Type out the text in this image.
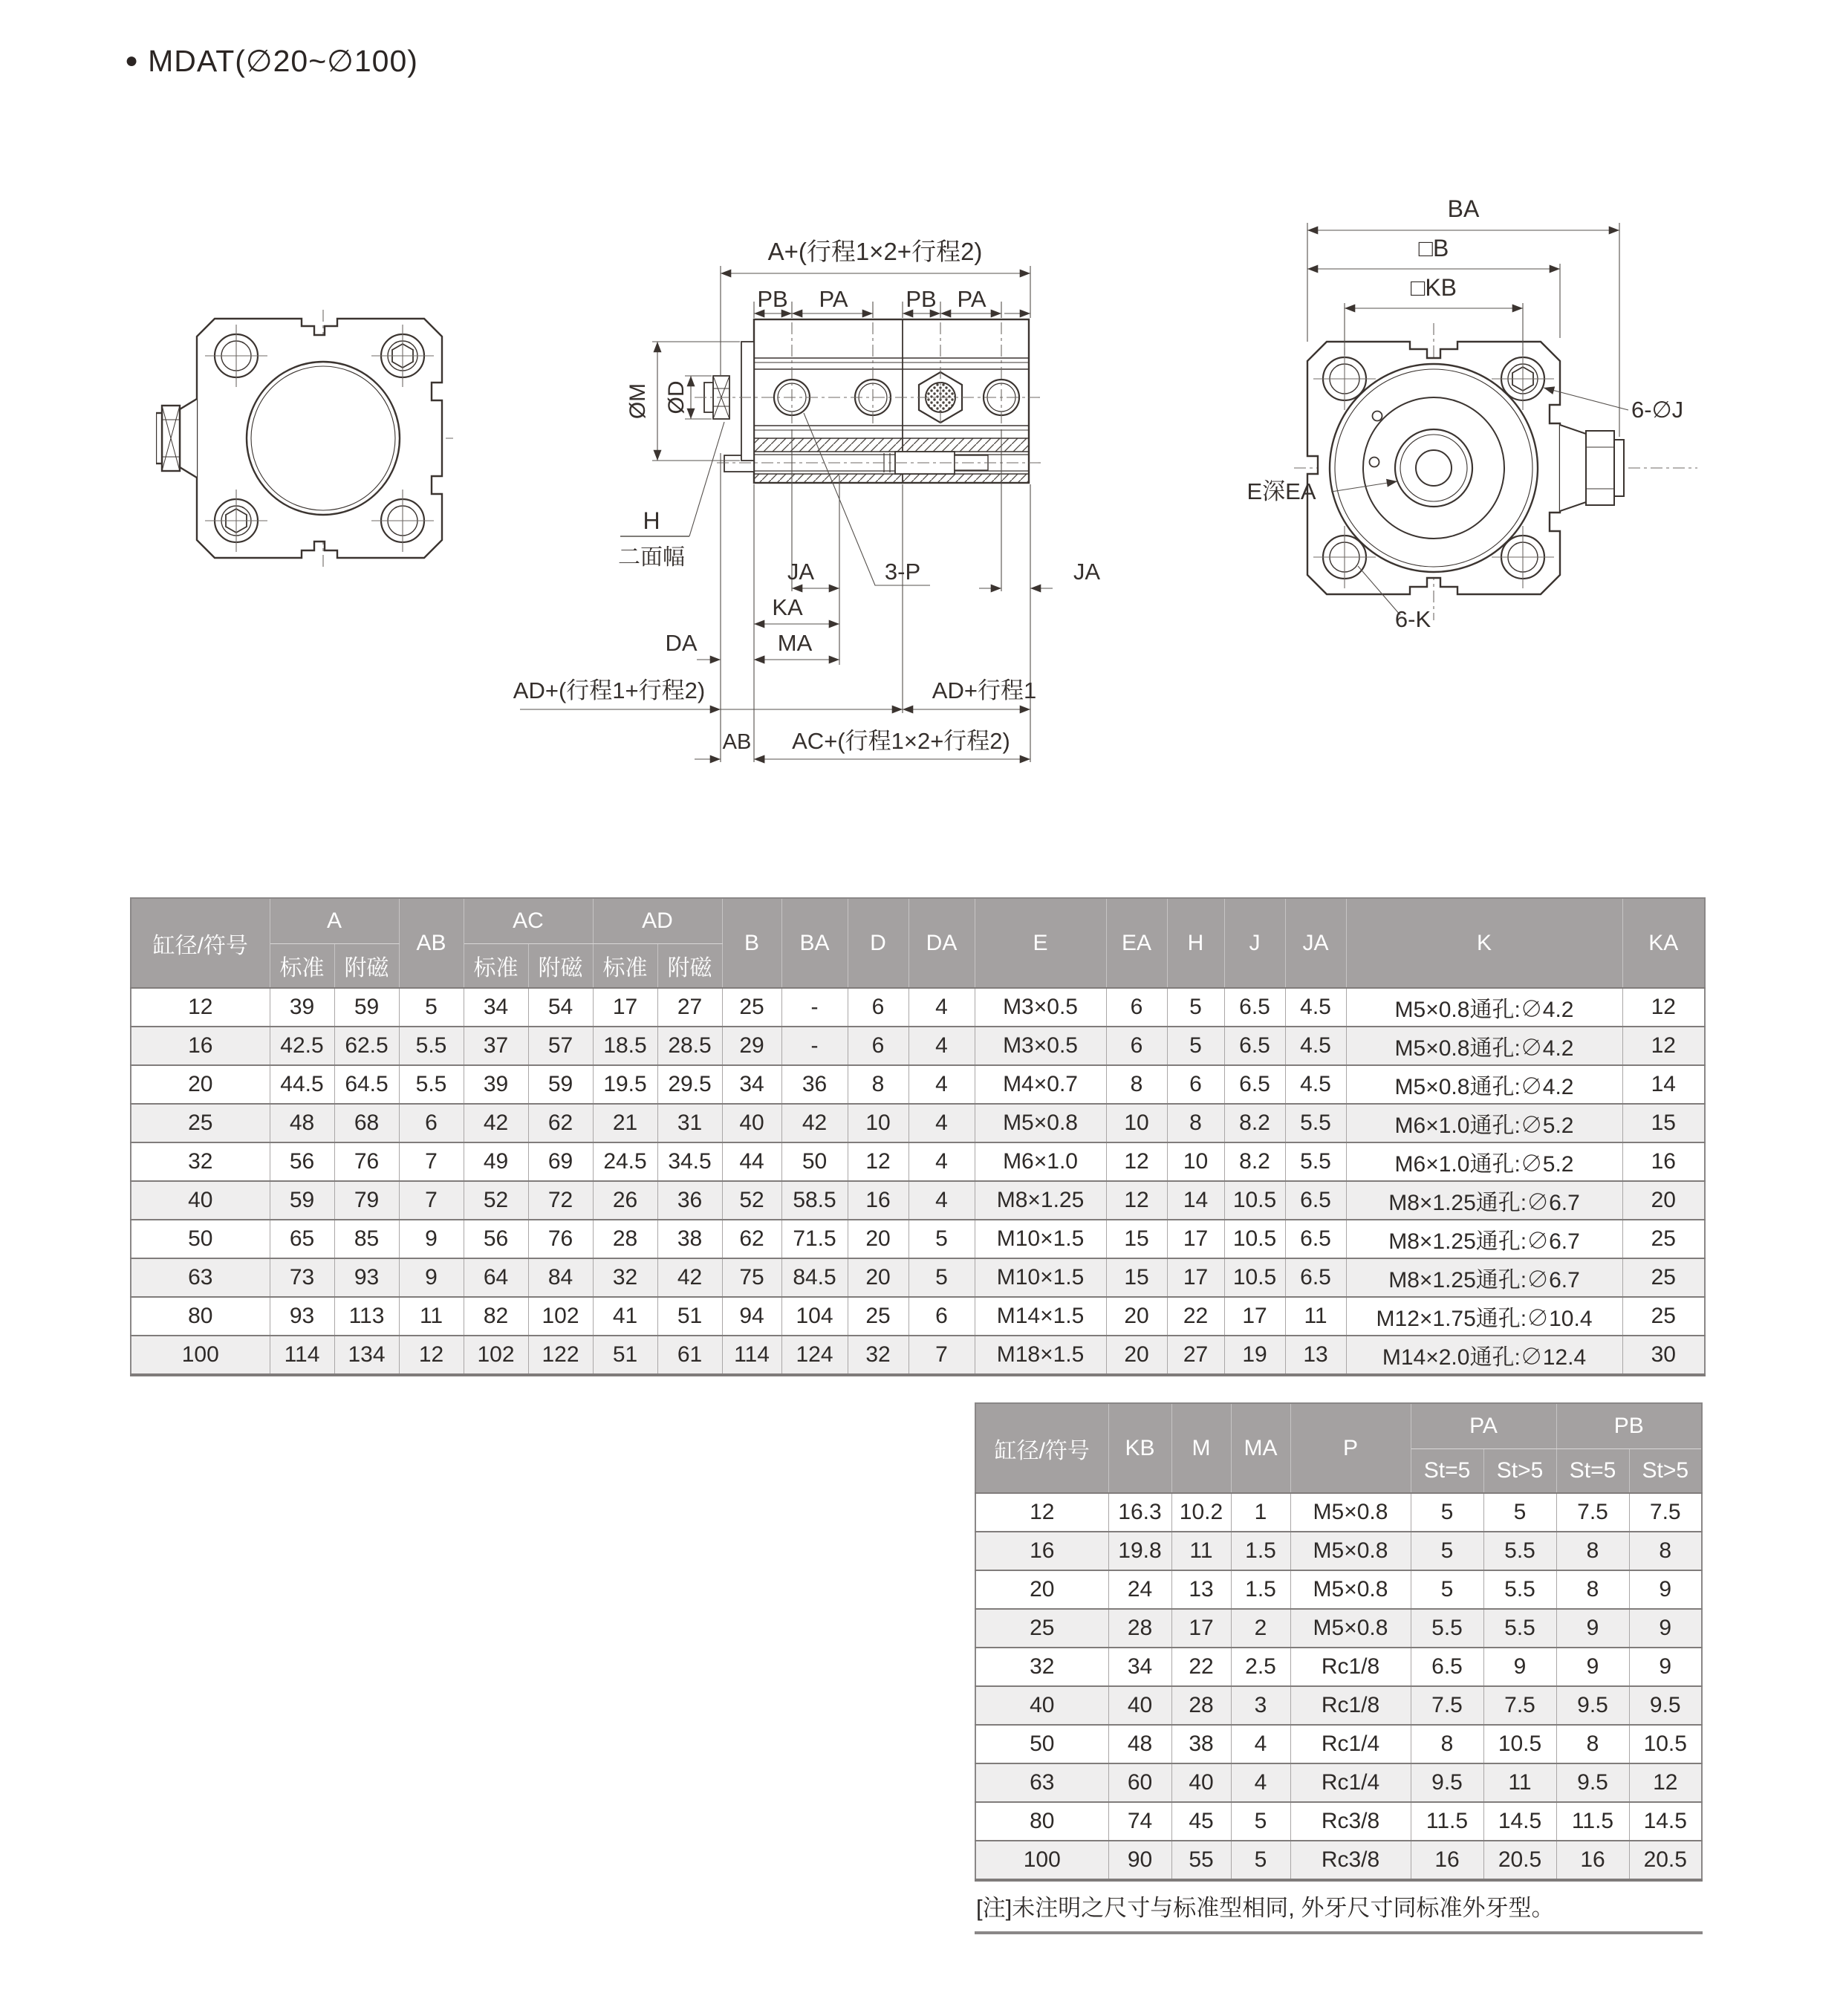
● MDAT(∅20~∅100)
A+(行程1×2+行程2)
PB PA	PB PA
ØM ØD
H
二面幅
JA	3-P	JA
KA
MA
DA
AD+(行程1+行程2)	AD+行程1
AB AC+(行程1×2+行程2)
BA
□B
□KB
6-∅J
E深EA
6-K
缸径/符号	A		AB	AC		AD		B	BA	D	DA	E	EA	H	J	JA	K	KA
	标准	附磁		标准	附磁	标准	附磁											
12	39	59	5	34	54	17	27	25	-	6	4	M3×0.5	6	5	6.5	4.5	M5×0.8通孔:∅4.2	12
16	42.5	62.5	5.5	37	57	18.5	28.5	29	-	6	4	M3×0.5	6	5	6.5	4.5	M5×0.8通孔:∅4.2	12
20	44.5	64.5	5.5	39	59	19.5	29.5	34	36	8	4	M4×0.7	8	6	6.5	4.5	M5×0.8通孔:∅4.2	14
25	48	68	6	42	62	21	31	40	42	10	4	M5×0.8	10	8	8.2	5.5	M6×1.0通孔:∅5.2	15
32	56	76	7	49	69	24.5	34.5	44	50	12	4	M6×1.0	12	10	8.2	5.5	M6×1.0通孔:∅5.2	16
40	59	79	7	52	72	26	36	52	58.5	16	4	M8×1.25	12	14	10.5	6.5	M8×1.25通孔:∅6.7	20
50	65	85	9	56	76	28	38	62	71.5	20	5	M10×1.5	15	17	10.5	6.5	M8×1.25通孔:∅6.7	25
63	73	93	9	64	84	32	42	75	84.5	20	5	M10×1.5	15	17	10.5	6.5	M8×1.25通孔:∅6.7	25
80	93	113	11	82	102	41	51	94	104	25	6	M14×1.5	20	22	17	11	M12×1.75通孔:∅10.4	25
100	114	134	12	102	122	51	61	114	124	32	7	M18×1.5	20	27	19	13	M14×2.0通孔:∅12.4	30
缸径/符号	KB	M	MA	P	PA		PB	
					St=5	St>5	St=5	St>5
12	16.3	10.2	1	M5×0.8	5	5	7.5	7.5
16	19.8	11	1.5	M5×0.8	5	5.5	8	8
20	24	13	1.5	M5×0.8	5	5.5	8	9
25	28	17	2	M5×0.8	5.5	5.5	9	9
32	34	22	2.5	Rc1/8	6.5	9	9	9
40	40	28	3	Rc1/8	7.5	7.5	9.5	9.5
50	48	38	4	Rc1/4	8	10.5	8	10.5
63	60	40	4	Rc1/4	9.5	11	9.5	12
80	74	45	5	Rc3/8	11.5	14.5	11.5	14.5
100	90	55	5	Rc3/8	16	20.5	16	20.5
[注]未注明之尺寸与标准型相同, 外牙尺寸同标准外牙型。
